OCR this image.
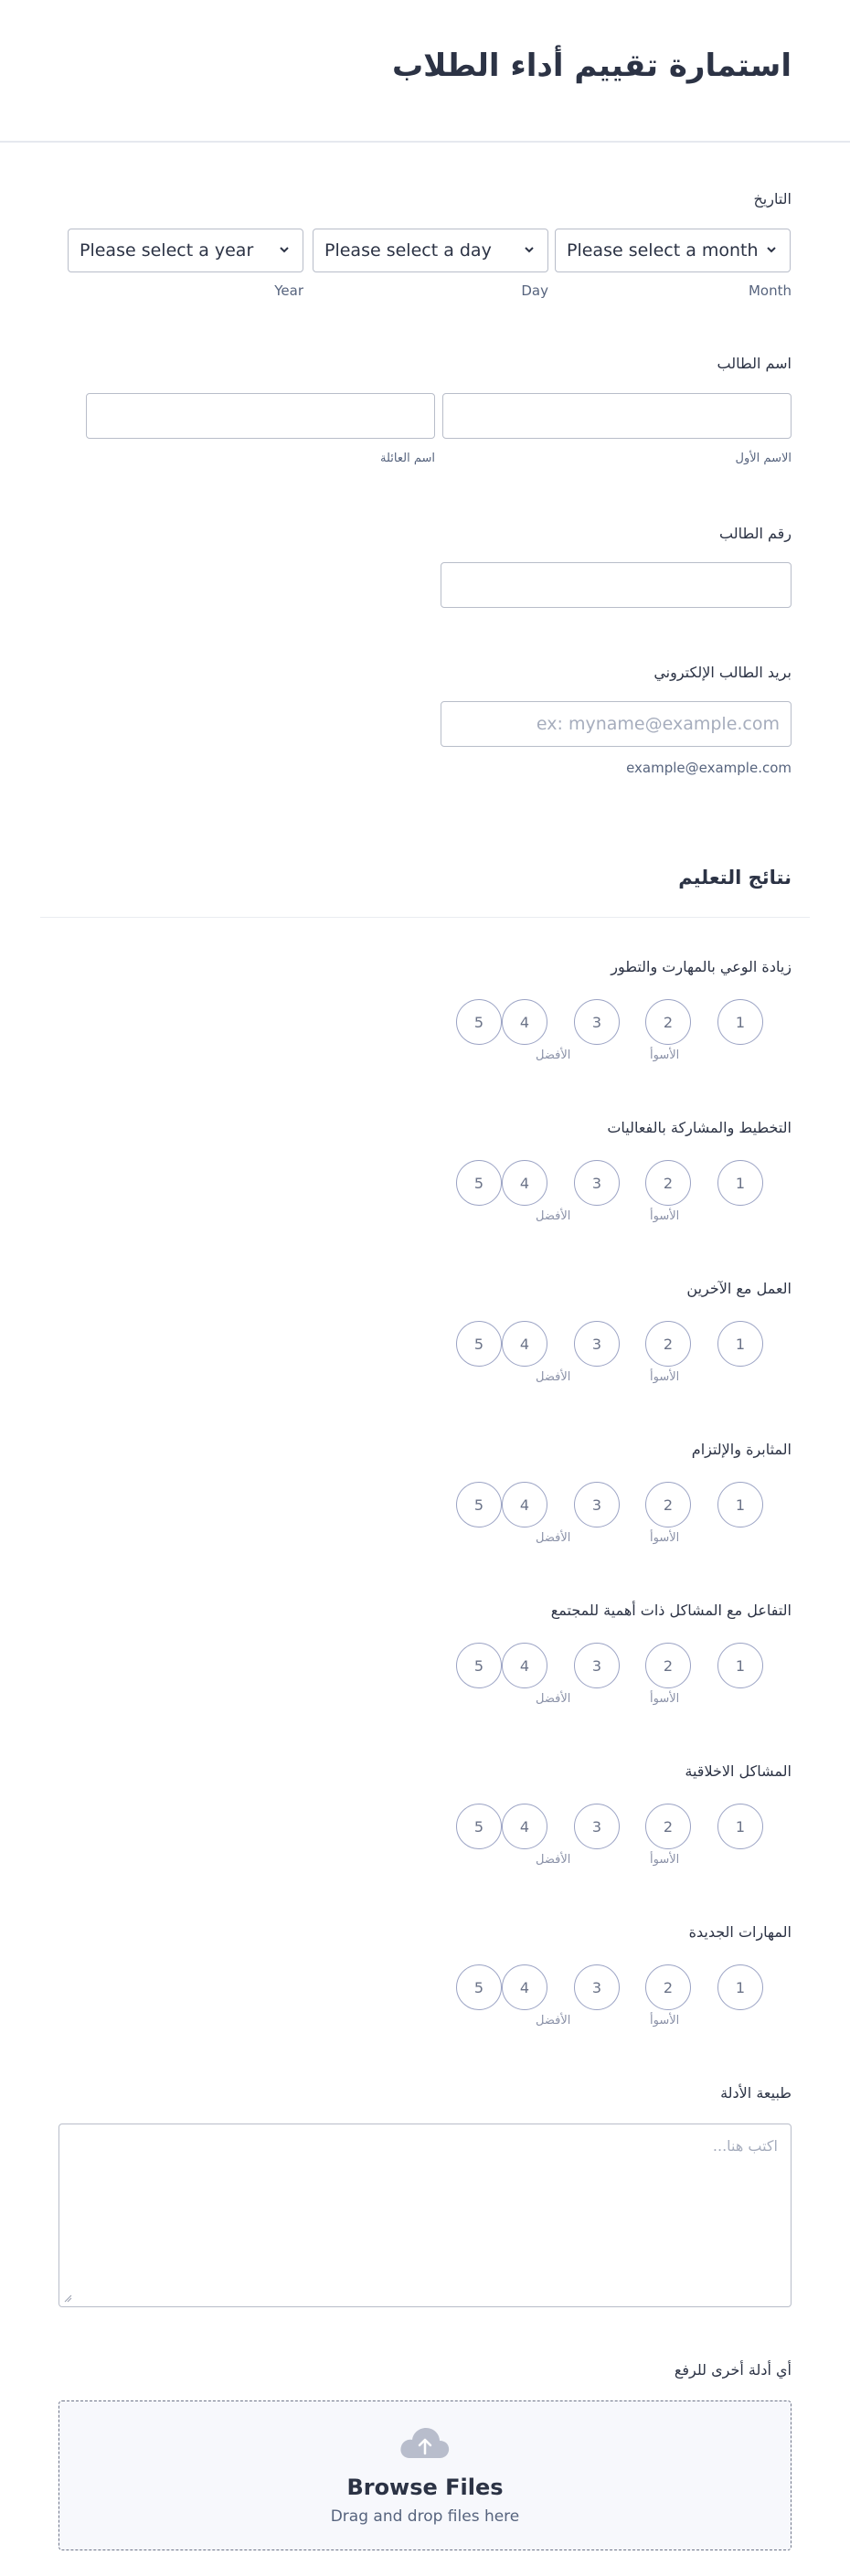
استمارة تقييم أداء الطلاب
التاريخ
Please select a year	Please select a day	Please select a month
Year	Day	Month
اسم الطالب
اسم العائلة	الاسم الأول
رقم الطالب
بريد الطالب الإلكتروني
ex: myname@example.com
example@example.com
نتائج التعليم
زيادة الوعي بالمهارت والتطور
5	4	3	2	1
الأسوأ
الأفضل
التخطيط والمشاركة بالفعاليات
5	4	3	2	1
الأسوأ
الأفضل
العمل مع الآخرين
5	4	3	2	1
الأسوأ
الأفضل
المثابرة والإلتزام
5	4	3	2	1
الأسوأ
الأفضل
التفاعل مع المشاكل ذات أهمية للمجتمع
5	4	3	2	1
الأسوأ
الأفضل
المشاكل الاخلاقية
5	4	3	2	1
الأسوأ
الأفضل
المهارات الجديدة
5	4	3	2	1
الأسوأ
الأفضل
طبيعة الأدلة
اكتب هنا...
أي أدلة أخرى للرفع
Browse Files
Drag and drop files here
